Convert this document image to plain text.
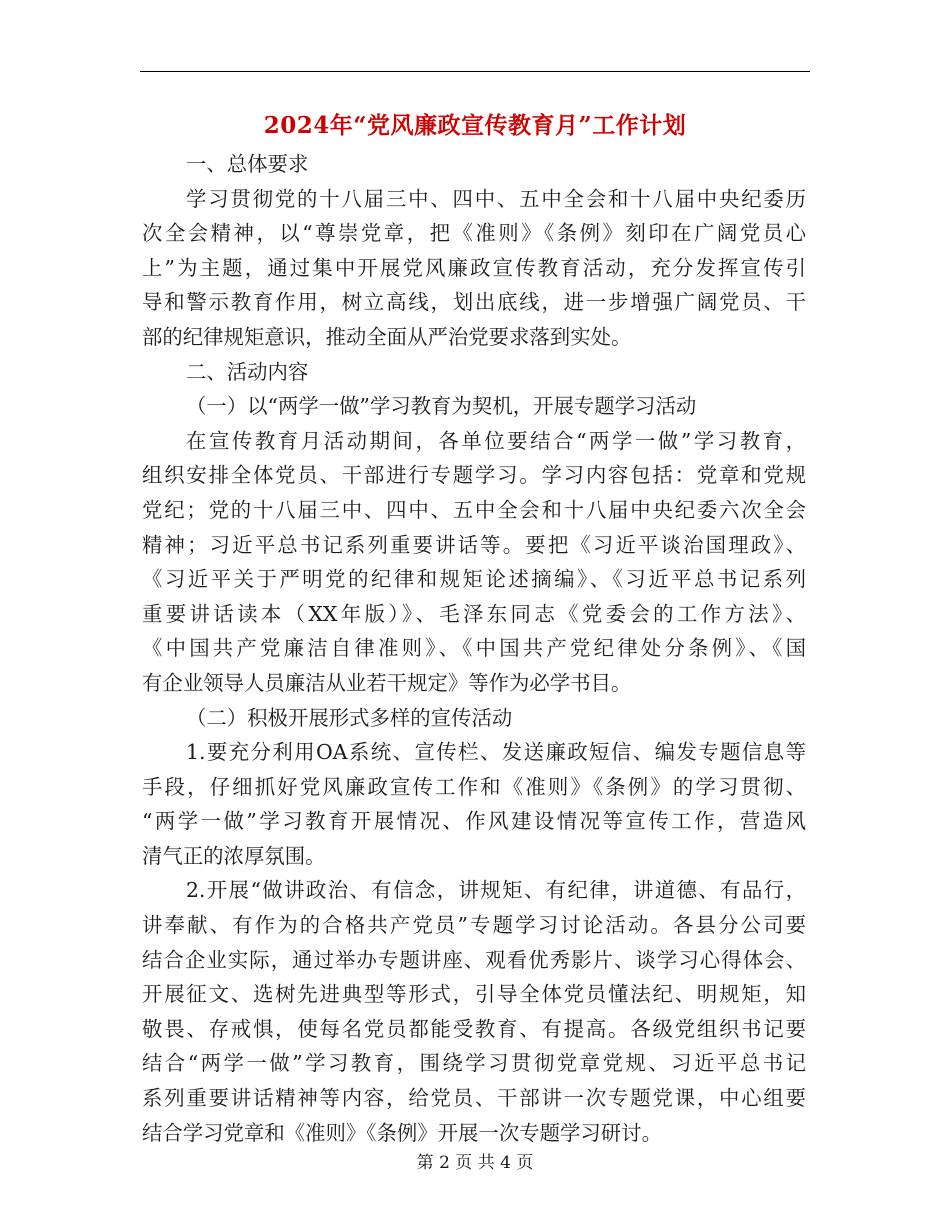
2024年“党风廉政宣传教育月”工作计划
一、总体要求
学习贯彻党的十八届三中、四中、五中全会和十八届中央纪委历
次全会精神，以“尊崇党章，把《准则》《条例》刻印在广阔党员心
上”为主题，通过集中开展党风廉政宣传教育活动，充分发挥宣传引
导和警示教育作用，树立高线，划出底线，进一步增强广阔党员、干
部的纪律规矩意识，推动全面从严治党要求落到实处。
二、活动内容
（一）以“两学一做”学习教育为契机，开展专题学习活动
在宣传教育月活动期间，各单位要结合“两学一做”学习教育，
组织安排全体党员、干部进行专题学习。学习内容包括：党章和党规
党纪；党的十八届三中、四中、五中全会和十八届中央纪委六次全会
精神；习近平总书记系列重要讲话等。要把《习近平谈治国理政》、
《习近平关于严明党的纪律和规矩论述摘编》、《习近平总书记系列
重要讲话读本（XX年版）》、毛泽东同志《党委会的工作方法》、
《中国共产党廉洁自律准则》、《中国共产党纪律处分条例》、《国
有企业领导人员廉洁从业若干规定》等作为必学书目。
（二）积极开展形式多样的宣传活动
1.要充分利用OA系统、宣传栏、发送廉政短信、编发专题信息等
手段，仔细抓好党风廉政宣传工作和《准则》《条例》的学习贯彻、
“两学一做”学习教育开展情况、作风建设情况等宣传工作，营造风
清气正的浓厚氛围。
2.开展“做讲政治、有信念，讲规矩、有纪律，讲道德、有品行，
讲奉献、有作为的合格共产党员”专题学习讨论活动。各县分公司要
结合企业实际，通过举办专题讲座、观看优秀影片、谈学习心得体会、
开展征文、选树先进典型等形式，引导全体党员懂法纪、明规矩，知
敬畏、存戒惧，使每名党员都能受教育、有提高。各级党组织书记要
结合“两学一做”学习教育，围绕学习贯彻党章党规、习近平总书记
系列重要讲话精神等内容，给党员、干部讲一次专题党课，中心组要
结合学习党章和《准则》《条例》开展一次专题学习研讨。
第 2 页 共 4 页
